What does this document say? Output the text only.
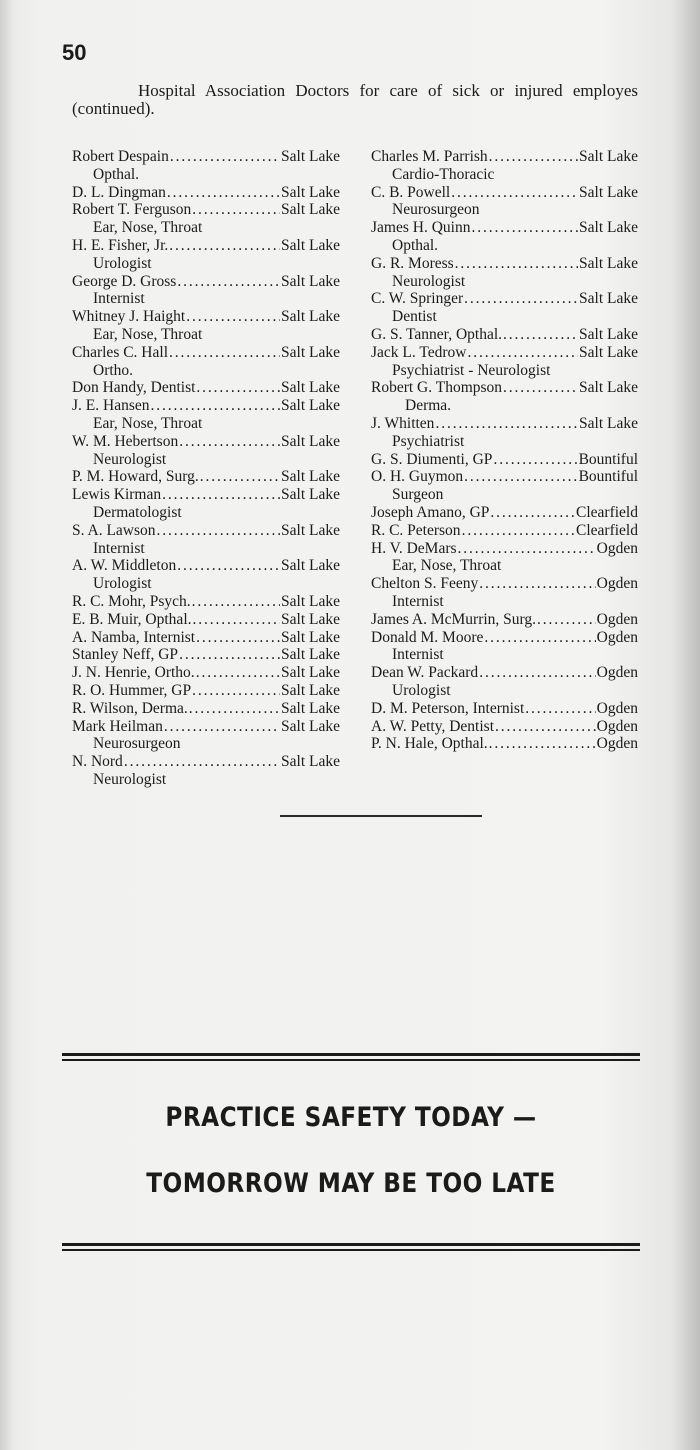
50
Hospital Association Doctors for care of sick or injured employes (continued).
Robert Despain . . .	Salt Lake
Opthal.
D. L. Dingman . . .	Salt Lake
Robert T. Ferguson . . .	Salt Lake
Ear, Nose, Throat
H. E. Fisher, Jr. . . .	Salt Lake
Urologist
George D. Gross . . .	Salt Lake
Internist
Whitney J. Haight . . .	Salt Lake
Ear, Nose, Throat
Charles C. Hall . . .	Salt Lake
Ortho.
Don Handy, Dentist . . .	Salt Lake
J. E. Hansen . . .	Salt Lake
Ear, Nose, Throat
W. M. Hebertson . . .	Salt Lake
Neurologist
P. M. Howard, Surg. . . .	Salt Lake
Lewis Kirman . . .	Salt Lake
Dermatologist
S. A. Lawson . . .	Salt Lake
Internist
A. W. Middleton . . .	Salt Lake
Urologist
R. C. Mohr, Psych. . . .	Salt Lake
E. B. Muir, Opthal. . . .	Salt Lake
A. Namba, Internist . . .	Salt Lake
Stanley Neff, GP . . .	Salt Lake
J. N. Henrie, Ortho. . . .	Salt Lake
R. O. Hummer, GP . . .	Salt Lake
R. Wilson, Derma. . . .	Salt Lake
Mark Heilman . . .	Salt Lake
Neurosurgeon
N. Nord . . .	Salt Lake
Neurologist
Charles M. Parrish . . .	Salt Lake
Cardio-Thoracic
C. B. Powell . . .	Salt Lake
Neurosurgeon
James H. Quinn . . .	Salt Lake
Opthal.
G. R. Moress . . .	Salt Lake
Neurologist
C. W. Springer . . .	Salt Lake
Dentist
G. S. Tanner, Opthal. . . .	Salt Lake
Jack L. Tedrow . . .	Salt Lake
Psychiatrist - Neurologist
Robert G. Thompson . . .	Salt Lake
Derma.
J. Whitten . . .	Salt Lake
Psychiatrist
G. S. Diumenti, GP . . .	Bountiful
O. H. Guymon . . .	Bountiful
Surgeon
Joseph Amano, GP . . .	Clearfield
R. C. Peterson . . .	Clearfield
H. V. DeMars . . .	Ogden
Ear, Nose, Throat
Chelton S. Feeny . . .	Ogden
Internist
James A. McMurrin, Surg. . . .	Ogden
Donald M. Moore . . .	Ogden
Internist
Dean W. Packard . . .	Ogden
Urologist
D. M. Peterson, Internist . . .	Ogden
A. W. Petty, Dentist . . .	Ogden
P. N. Hale, Opthal. . . .	Ogden
PRACTICE SAFETY TODAY —
TOMORROW MAY BE TOO LATE
